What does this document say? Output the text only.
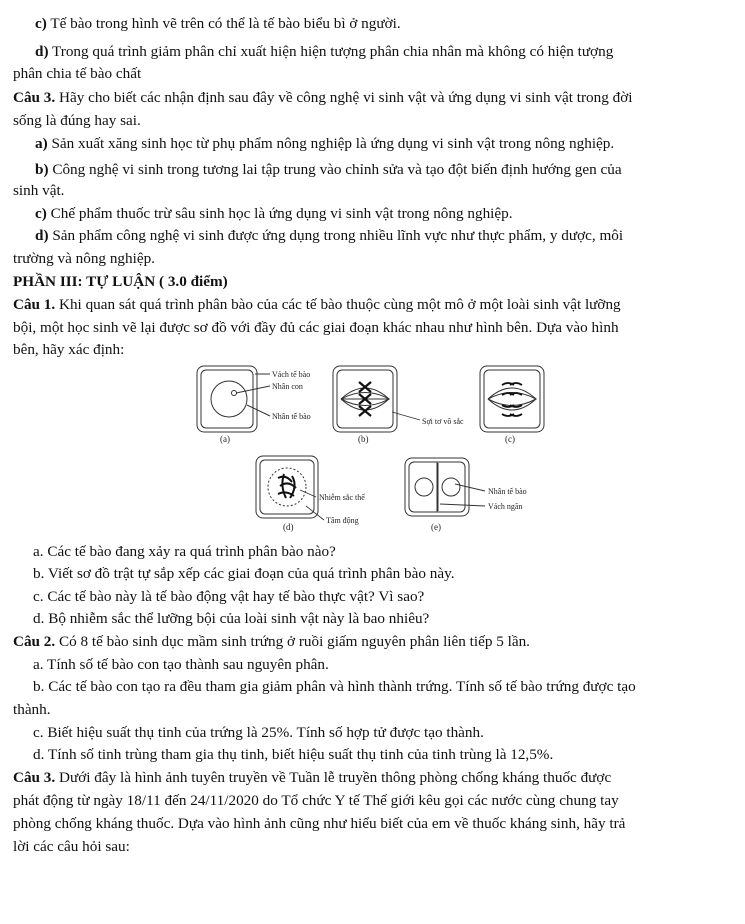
c) Tế bào trong hình vẽ trên có thể là tế bào biểu bì ở người.
d) Trong quá trình giảm phân chỉ xuất hiện hiện tượng phân chia nhân mà không có hiện tượng
phân chia tế bào chất
Câu 3. Hãy cho biết các nhận định sau đây về công nghệ vi sinh vật và ứng dụng vi sinh vật trong đời
sống là đúng hay sai.
a) Sản xuất xăng sinh học từ phụ phẩm nông nghiệp là ứng dụng vi sinh vật trong nông nghiệp.
b) Công nghệ vi sinh trong tương lai tập trung vào chỉnh sửa và tạo đột biến định hướng gen của
sinh vật.
c) Chế phẩm thuốc trừ sâu sinh học là ứng dụng vi sinh vật trong nông nghiệp.
d) Sản phẩm công nghệ vi sinh được ứng dụng trong nhiều lĩnh vực như thực phẩm, y dược, môi
trường và nông nghiệp.
PHẦN III: TỰ LUẬN ( 3.0 điểm)
Câu 1. Khi quan sát quá trình phân bào của các tế bào thuộc cùng một mô ở một loài sinh vật lưỡng
bội, một học sinh vẽ lại được sơ đồ với đầy đủ các giai đoạn khác nhau như hình bên. Dựa vào hình
bên, hãy xác định:
a. Các tế bào đang xảy ra quá trình phân bào nào?
b. Viết sơ đồ trật tự sắp xếp các giai đoạn của quá trình phân bào này.
c. Các tế bào này là tế bào động vật hay tế bào thực vật? Vì sao?
d. Bộ nhiễm sắc thể lưỡng bội của loài sinh vật này là bao nhiêu?
Câu 2. Có 8 tế bào sinh dục mầm sinh trứng ở ruồi giấm nguyên phân liên tiếp 5 lần.
a. Tính số tế bào con tạo thành sau nguyên phân.
b. Các tế bào con tạo ra đều tham gia giảm phân và hình thành trứng. Tính số tế bào trứng được tạo
thành.
c. Biết hiệu suất thụ tinh của trứng là 25%. Tính số hợp tử được tạo thành.
d. Tính số tinh trùng tham gia thụ tinh, biết hiệu suất thụ tinh của tinh trùng là 12,5%.
Câu 3. Dưới đây là hình ảnh tuyên truyền về Tuần lễ truyền thông phòng chống kháng thuốc được
phát động từ ngày 18/11 đến 24/11/2020 do Tổ chức Y tế Thế giới kêu gọi các nước cùng chung tay
phòng chống kháng thuốc. Dựa vào hình ảnh cũng như hiểu biết của em về thuốc kháng sinh, hãy trả
lời các câu hỏi sau:
Vách tế bào
Nhân con
Nhân tế bào
(a)
Sợi tơ vô sắc
(b)	(c)
Nhiễm sắc thể
Tâm động
(d)
Nhân tế bào
Vách ngăn
(e)
